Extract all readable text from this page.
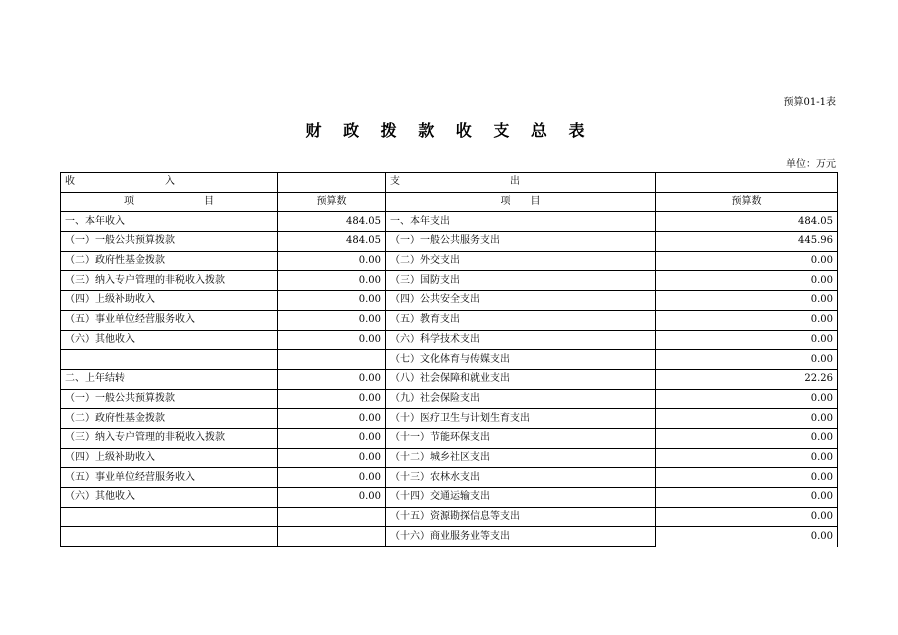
预算01-1表
财 政 拨 款 收 支 总 表
单位：万元
收 入		支 出	
项 目	预算数	项　　目	预算数
一、本年收入	484.05	一、本年支出	484.05
（一）一般公共预算拨款	484.05	（一）一般公共服务支出	445.96
（二）政府性基金拨款	0.00	（二）外交支出	0.00
（三）纳入专户管理的非税收入拨款	0.00	（三）国防支出	0.00
（四）上级补助收入	0.00	（四）公共安全支出	0.00
（五）事业单位经营服务收入	0.00	（五）教育支出	0.00
（六）其他收入	0.00	（六）科学技术支出	0.00
		（七）文化体育与传媒支出	0.00
二、上年结转	0.00	（八）社会保障和就业支出	22.26
（一）一般公共预算拨款	0.00	（九）社会保险支出	0.00
（二）政府性基金拨款	0.00	（十）医疗卫生与计划生育支出	0.00
（三）纳入专户管理的非税收入拨款	0.00	（十一）节能环保支出	0.00
（四）上级补助收入	0.00	（十二）城乡社区支出	0.00
（五）事业单位经营服务收入	0.00	（十三）农林水支出	0.00
（六）其他收入	0.00	（十四）交通运输支出	0.00
		（十五）资源勘探信息等支出	0.00
		（十六）商业服务业等支出	0.00
